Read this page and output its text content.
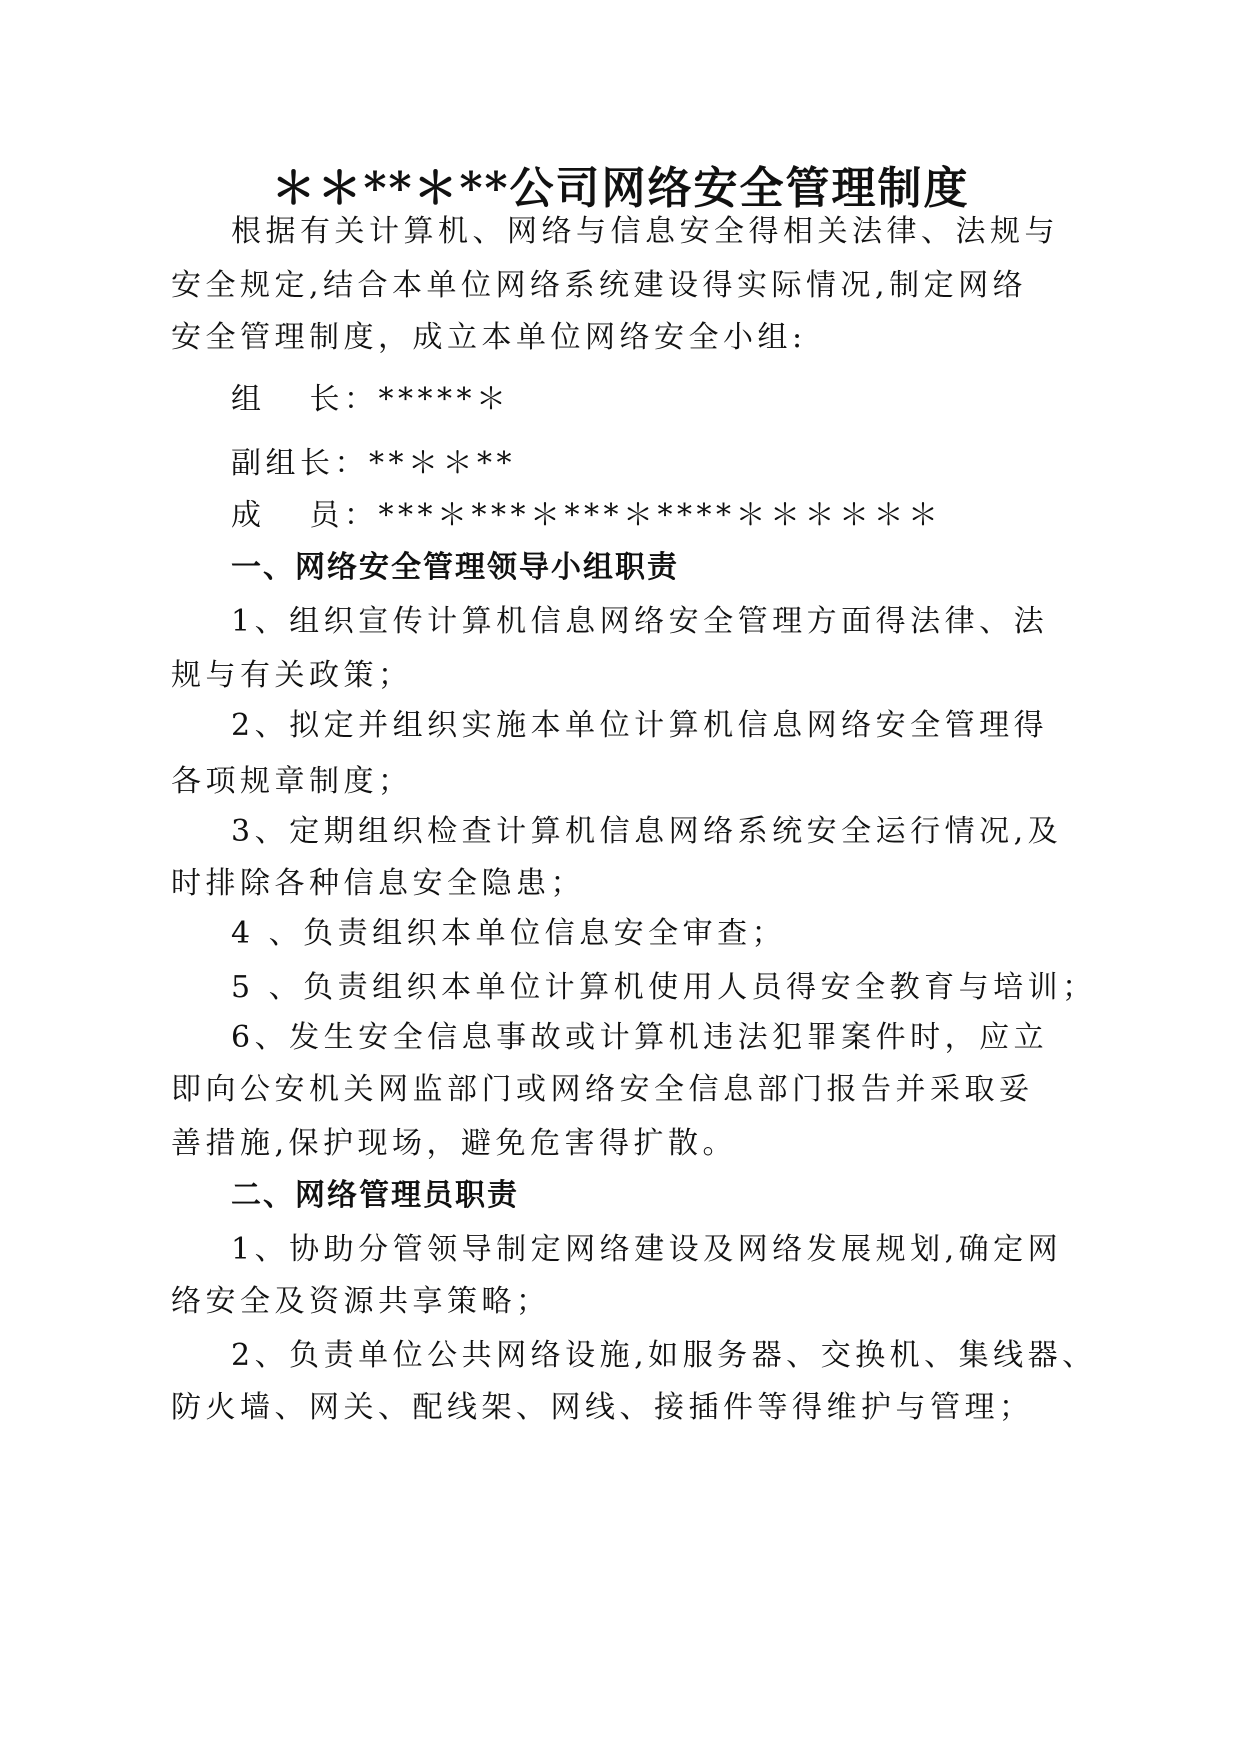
＊＊**＊**公司网络安全管理制度
根据有关计算机、网络与信息安全得相关法律、法规与
安全规定,结合本单位网络系统建设得实际情况,制定网络
安全管理制度，成立本单位网络安全小组:
组 长：*****＊
副组长：**＊＊**
成 员：***＊***＊***＊****＊＊＊＊＊＊
一、网络安全管理领导小组职责
1、组织宣传计算机信息网络安全管理方面得法律、法
规与有关政策；
2、拟定并组织实施本单位计算机信息网络安全管理得
各项规章制度；
3、定期组织检查计算机信息网络系统安全运行情况,及
时排除各种信息安全隐患；
4 、负责组织本单位信息安全审查；
5 、负责组织本单位计算机使用人员得安全教育与培训；
6、发生安全信息事故或计算机违法犯罪案件时，应立
即向公安机关网监部门或网络安全信息部门报告并采取妥
善措施,保护现场，避免危害得扩散。
二、网络管理员职责
1、协助分管领导制定网络建设及网络发展规划,确定网
络安全及资源共享策略；
2、负责单位公共网络设施,如服务器、交换机、集线器、
防火墙、网关、配线架、网线、接插件等得维护与管理；
